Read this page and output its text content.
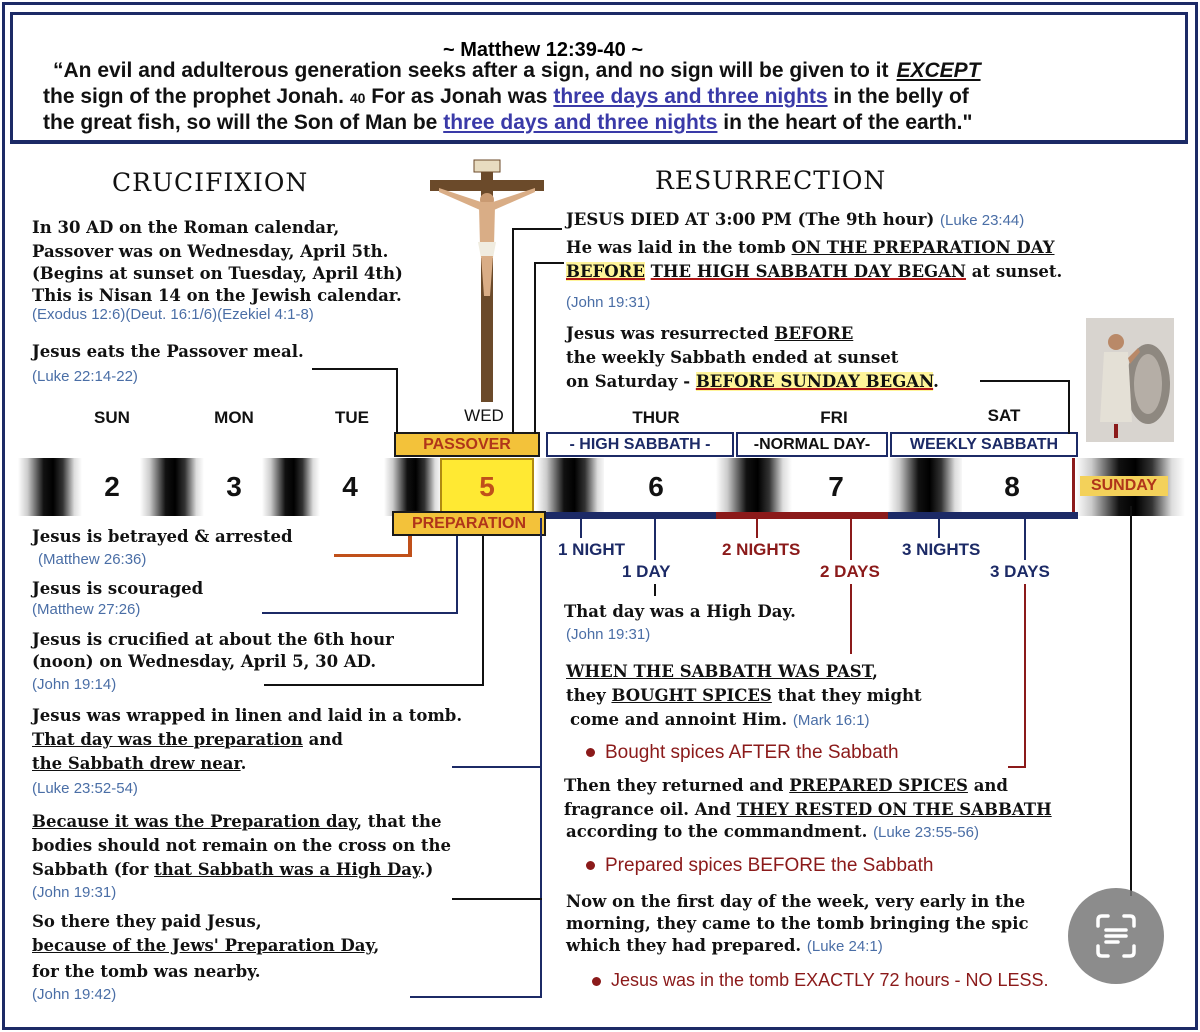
~ Matthew 12:39-40 ~
“An evil and adulterous generation seeks after a sign, and no sign will be given to it EXCEPT
the sign of the prophet Jonah. 40 For as Jonah was three days and three nights in the belly of
the great fish, so will the Son of Man be three days and three nights in the heart of the earth."
CRUCIFIXION	RESURRECTION
In 30 AD on the Roman calendar,
Passover was on Wednesday, April 5th.
(Begins at sunset on Tuesday, April 4th)
This is Nisan 14 on the Jewish calendar.
(Exodus 12:6)(Deut. 16:1/6)(Ezekiel 4:1-8)
Jesus eats the Passover meal.
(Luke 22:14-22)
Jesus is betrayed & arrested
(Matthew 26:36)
Jesus is scouraged
(Matthew 27:26)
Jesus is crucified at about the 6th hour
(noon) on Wednesday, April 5, 30 AD.
(John 19:14)
Jesus was wrapped in linen and laid in a tomb.
That day was the preparation and
the Sabbath drew near.
(Luke 23:52-54)
Because it was the Preparation day, that the
bodies should not remain on the cross on the
Sabbath (for that Sabbath was a High Day.)
(John 19:31)
So there they paid Jesus,
because of the Jews' Preparation Day,
for the tomb was nearby.
(John 19:42)
JESUS DIED AT 3:00 PM (The 9th hour) (Luke 23:44)
He was laid in the tomb ON THE PREPARATION DAY
BEFORE THE HIGH SABBATH DAY BEGAN at sunset.
(John 19:31)
Jesus was resurrected BEFORE
the weekly Sabbath ended at sunset
on Saturday - BEFORE SUNDAY BEGAN.
That day was a High Day.
(John 19:31)
WHEN THE SABBATH WAS PAST,
they BOUGHT SPICES that they might
come and annoint Him. (Mark 16:1)
Bought spices AFTER the Sabbath
Then they returned and PREPARED SPICES and
fragrance oil. And THEY RESTED ON THE SABBATH
according to the commandment. (Luke 23:55-56)
Prepared spices BEFORE the Sabbath
Now on the first day of the week, very early in the
morning, they came to the tomb bringing the spic
which they had prepared. (Luke 24:1)
Jesus was in the tomb EXACTLY 72 hours - NO LESS.
SUN	MON	TUE	WED	THUR	FRI	SAT
2	3	4	5	6	7	8	SUNDAY
PASSOVER
PREPARATION
- HIGH SABBATH -	-NORMAL DAY-	WEEKLY SABBATH
1 NIGHT
1 DAY
2 NIGHTS
2 DAYS
3 NIGHTS
3 DAYS
